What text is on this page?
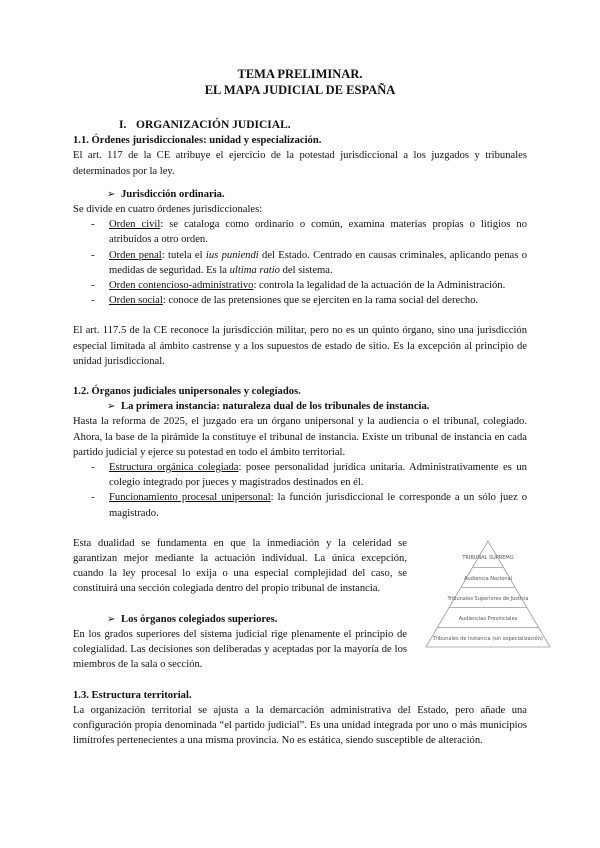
TEMA PRELIMINAR.

EL MAPA JUDICIAL DE ESPAÑA

I. ORGANIZACIÓN JUDICIAL.
1.1. Órdenes jurisdiccionales: unidad y especialización.

El art. 117 de la CE atribuye el ejercicio de la potestad jurisdiccional a los juzgados y tribunales determinados por la ley.

➢ Jurisdicción ordinaria.

Se divide en cuatro órdenes jurisdiccionales:

- Orden civil: se cataloga como ordinario o común, examina materias propias o litigios no atribuidos a otro orden.
- Orden penal: tutela el ius puniendi del Estado. Centrado en causas criminales, aplicando penas o medidas de seguridad. Es la ultima ratio del sistema.
- Orden contencioso-administrativo: controla la legalidad de la actuación de la Administración.
- Orden social: conoce de las pretensiones que se ejerciten en la rama social del derecho.

El art. 117.5 de la CE reconoce la jurisdicción militar, pero no es un quinto órgano, sino una jurisdicción especial limitada al ámbito castrense y a los supuestos de estado de sitio. Es la excepción al principio de unidad jurisdiccional.

1.2. Órganos judiciales unipersonales y colegiados.
➢ La primera instancia: naturaleza dual de los tribunales de instancia.

Hasta la reforma de 2025, el juzgado era un órgano unipersonal y la audiencia o el tribunal, colegiado. Ahora, la base de la pirámide la constituye el tribunal de instancia. Existe un tribunal de instancia en cada partido judicial y ejerce su potestad en todo el ámbito territorial.

- Estructura orgánica colegiada: posee personalidad jurídica unitaria. Administrativamente es un colegio integrado por jueces y magistrados destinados en él.
- Funcionamiento procesal unipersonal: la función jurisdiccional le corresponde a un sólo juez o magistrado.

Esta dualidad se fundamenta en que la inmediación y la celeridad se garantizan mejor mediante la actuación individual. La única excepción, cuando la ley procesal lo exija o una especial complejidad del caso, se constituirá una sección colegiada dentro del propio tribunal de instancia.

➢ Los órganos colegiados superiores.

En los grados superiores del sistema judicial rige plenamente el principio de colegialidad. Las decisiones son deliberadas y aceptadas por la mayoría de los miembros de la sala o sección.

1.3. Estructura territorial.

La organización territorial se ajusta a la demarcación administrativa del Estado, pero añade una configuración propia denominada “el partido judicial”. Es una unidad integrada por uno o más municipios limítrofes pertenecientes a una misma provincia. No es estática, siendo susceptible de alteración.

TRIBUNAL SUPREMO
Audiencia Nacional
Tribunales Superiores de Justicia
Audiencias Provinciales
Tribunales de Instancia (sin especialización)
